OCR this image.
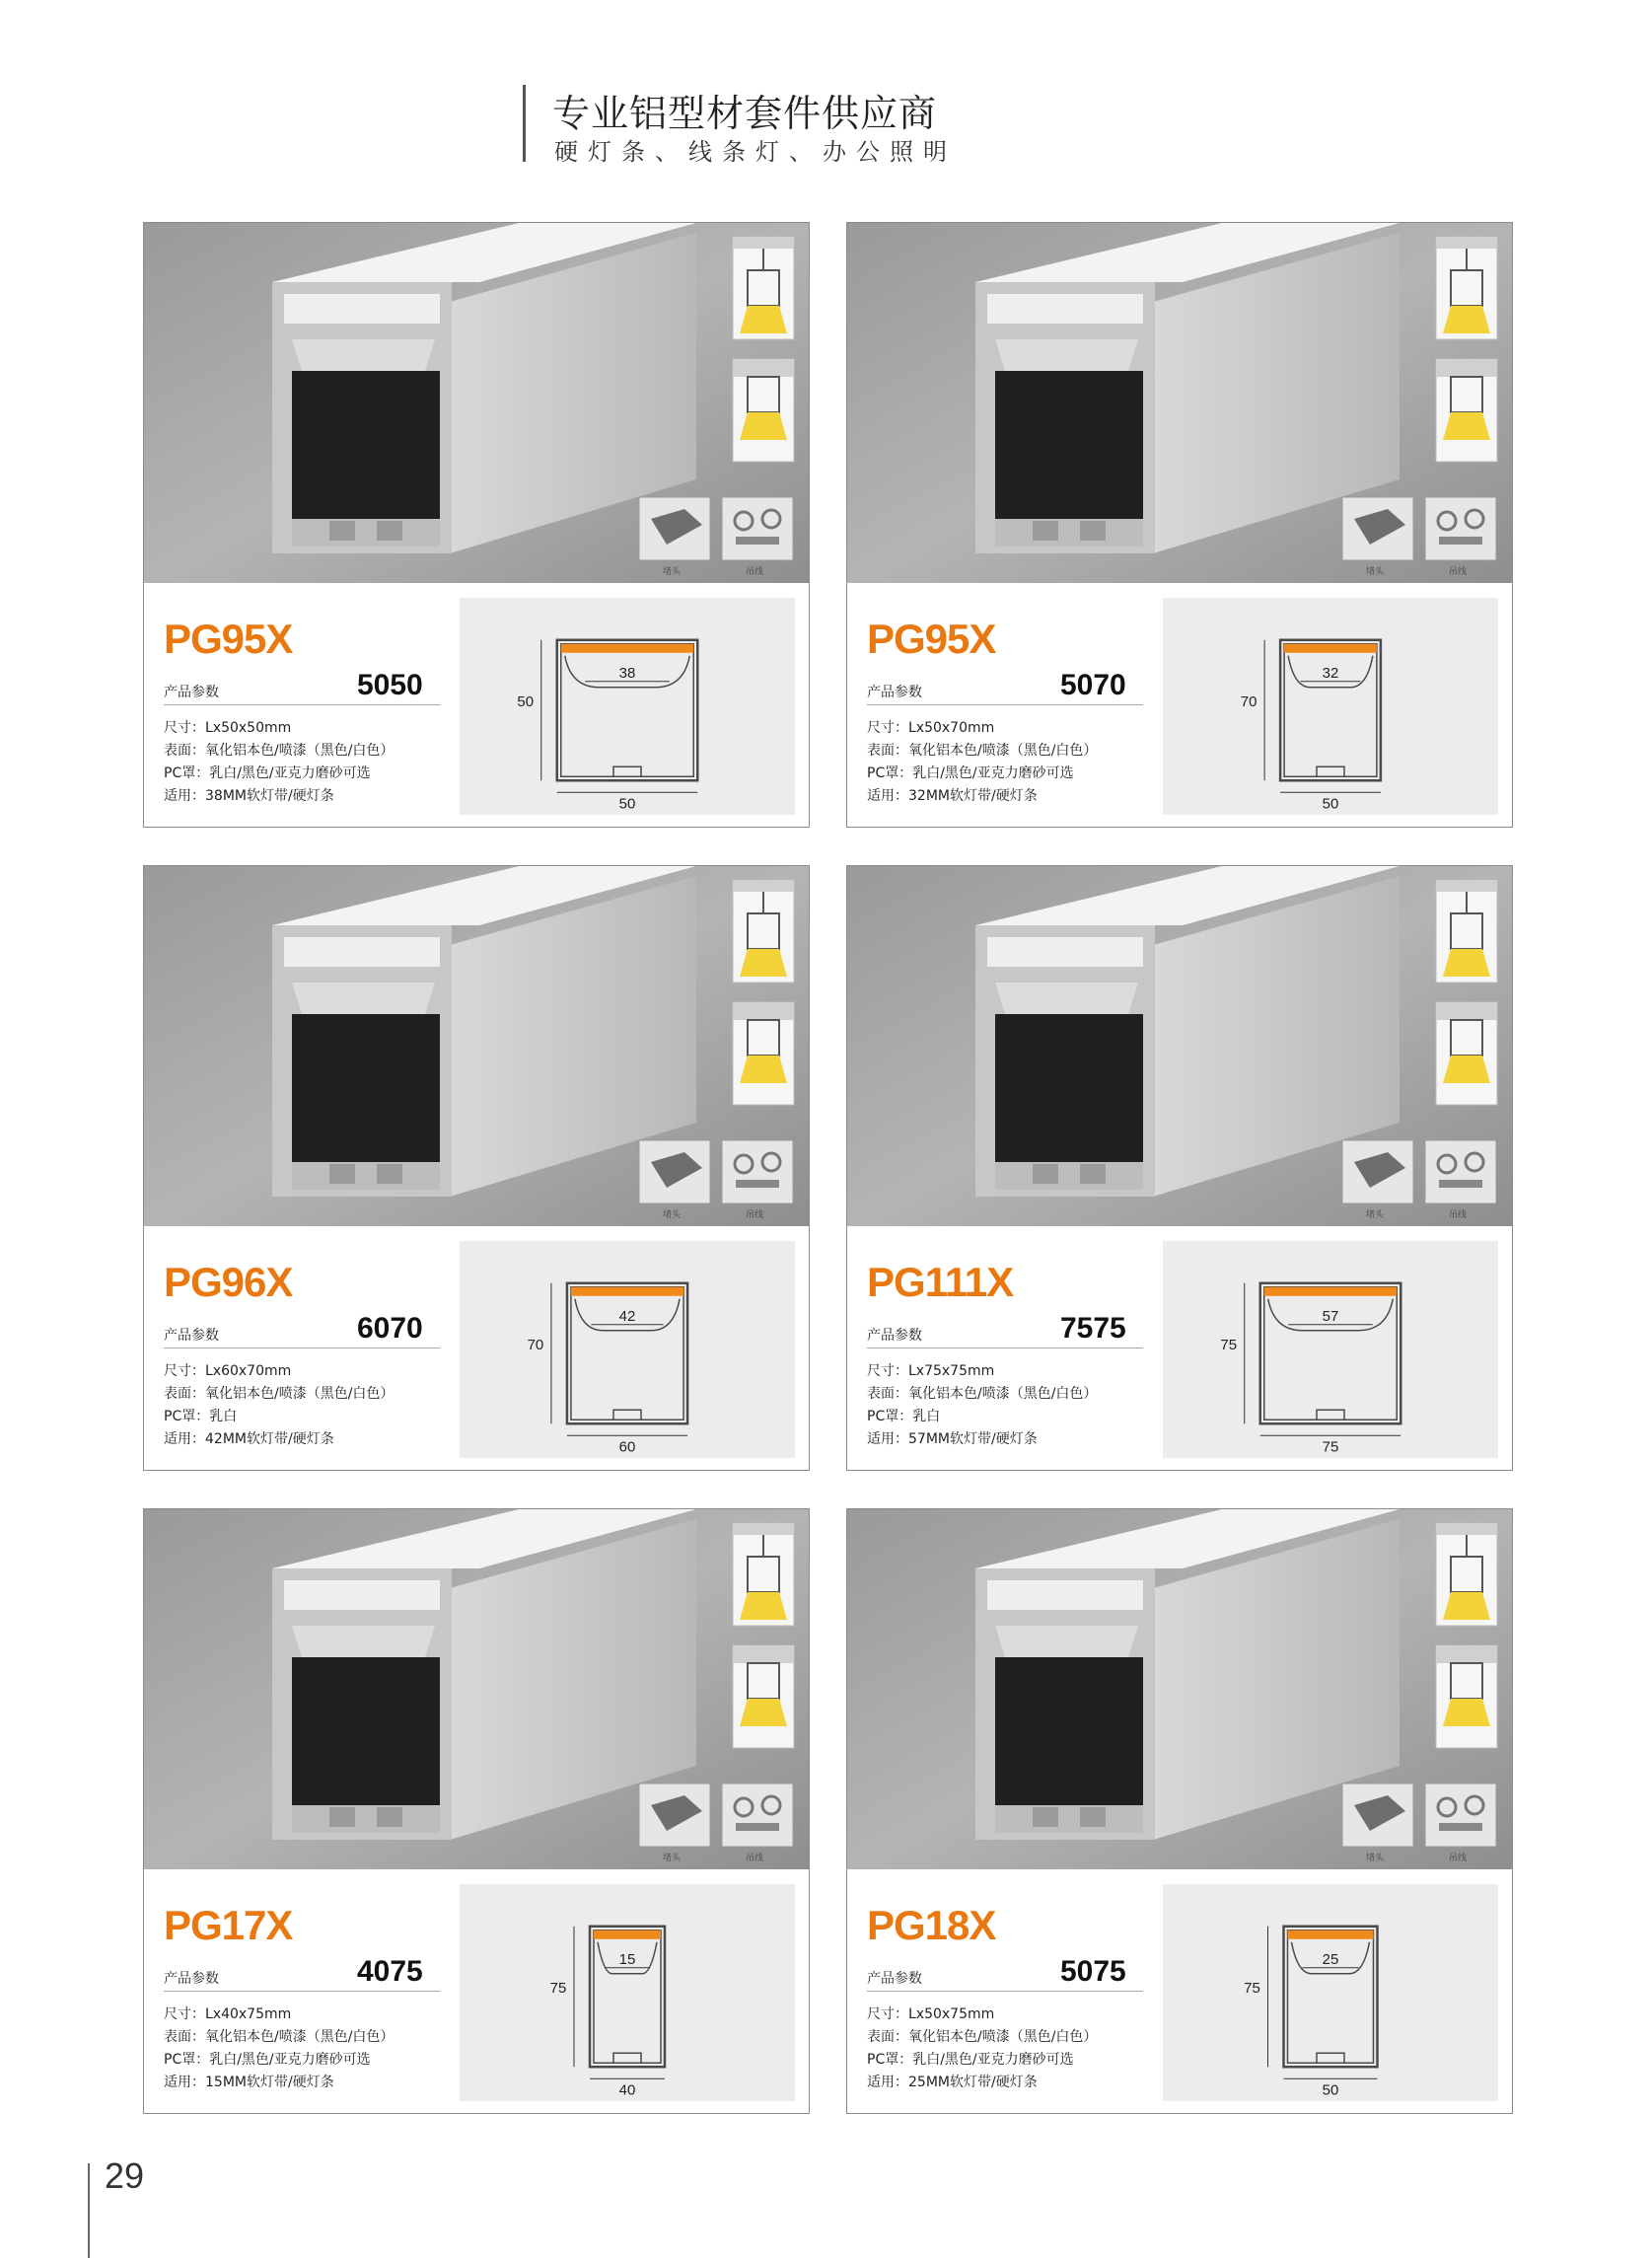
专业铝型材套件供应商
硬灯条、线条灯、办公照明
堵头	吊线
PG95X
产品参数	5050
尺寸：Lx50x50mm
表面：氧化铝本色/喷漆（黑色/白色）
PC罩：乳白/黑色/亚克力磨砂可选
适用：38MM软灯带/硬灯条	50
50
38
堵头	吊线
PG95X
产品参数	5070
尺寸：Lx50x70mm
表面：氧化铝本色/喷漆（黑色/白色）
PC罩：乳白/黑色/亚克力磨砂可选
适用：32MM软灯带/硬灯条	50
70
32
堵头	吊线
PG96X
产品参数	6070
尺寸：Lx60x70mm
表面：氧化铝本色/喷漆（黑色/白色）
PC罩：乳白
适用：42MM软灯带/硬灯条	60
70
42
堵头	吊线
PG111X
产品参数	7575
尺寸：Lx75x75mm
表面：氧化铝本色/喷漆（黑色/白色）
PC罩：乳白
适用：57MM软灯带/硬灯条	75
75
57
堵头	吊线
PG17X
产品参数	4075
尺寸：Lx40x75mm
表面：氧化铝本色/喷漆（黑色/白色）
PC罩：乳白/黑色/亚克力磨砂可选
适用：15MM软灯带/硬灯条	40
75
15
堵头	吊线
PG18X
产品参数	5075
尺寸：Lx50x75mm
表面：氧化铝本色/喷漆（黑色/白色）
PC罩：乳白/黑色/亚克力磨砂可选
适用：25MM软灯带/硬灯条	50
75
25
29
